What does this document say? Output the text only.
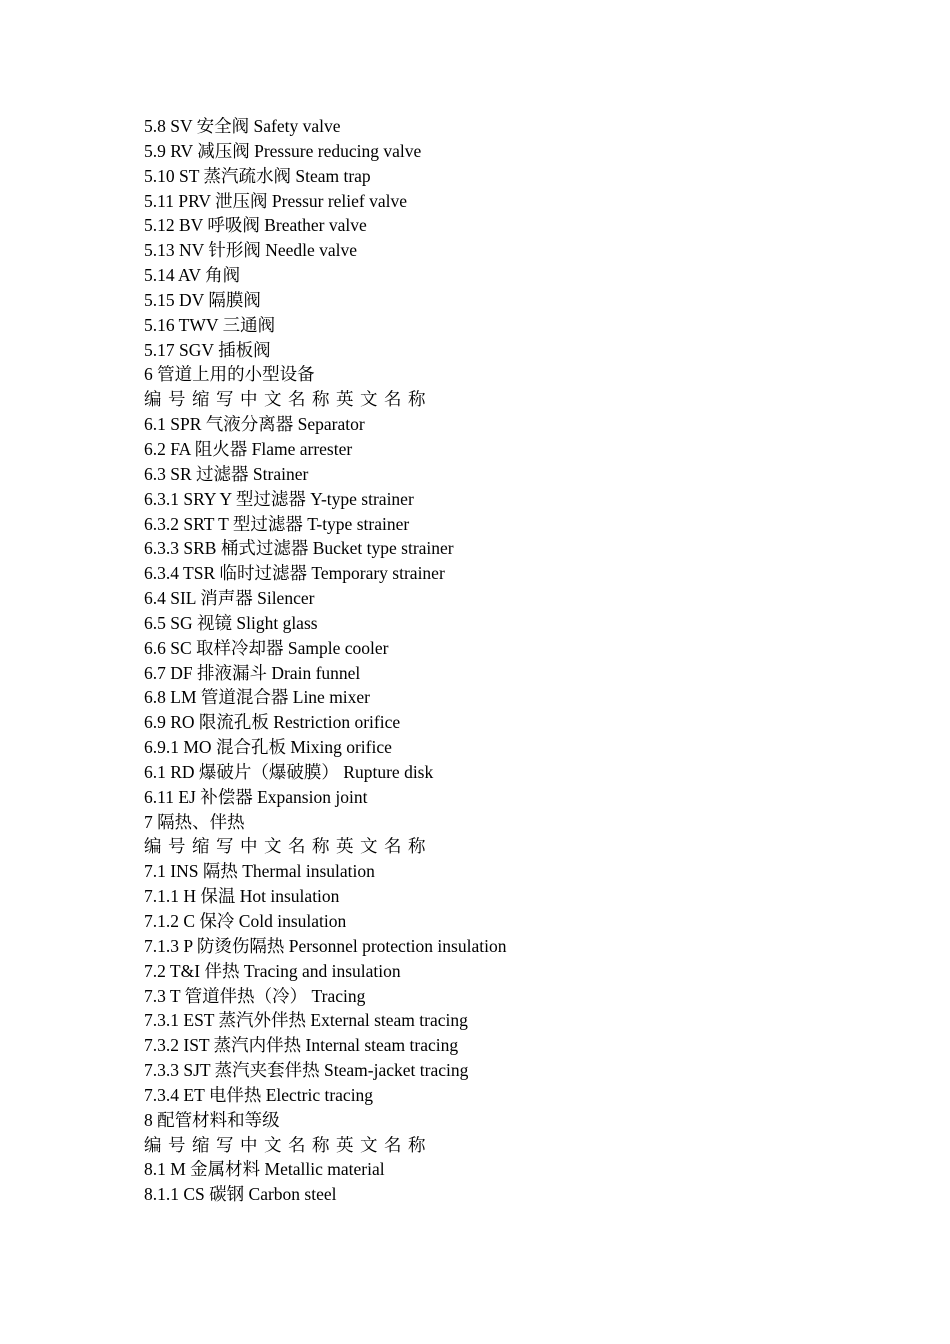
5.8 SV 安全阀 Safety valve
5.9 RV 减压阀 Pressure reducing valve
5.10 ST 蒸汽疏水阀 Steam trap
5.11 PRV 泄压阀 Pressur relief valve
5.12 BV 呼吸阀 Breather valve
5.13 NV 针形阀 Needle valve
5.14 AV 角阀
5.15 DV 隔膜阀
5.16 TWV 三通阀
5.17 SGV 插板阀
6 管道上用的小型设备
编号缩写中文名称英文名称
6.1 SPR 气液分离器 Separator
6.2 FA 阻火器 Flame arrester
6.3 SR 过滤器 Strainer
6.3.1 SRY Y 型过滤器 Y-type strainer
6.3.2 SRT T 型过滤器 T-type strainer
6.3.3 SRB 桶式过滤器 Bucket type strainer
6.3.4 TSR 临时过滤器 Temporary strainer
6.4 SIL 消声器 Silencer
6.5 SG 视镜 Slight glass
6.6 SC 取样冷却器 Sample cooler
6.7 DF 排液漏斗 Drain funnel
6.8 LM 管道混合器 Line mixer
6.9 RO 限流孔板 Restriction orifice
6.9.1 MO 混合孔板 Mixing orifice
6.1 RD 爆破片（爆破膜） Rupture disk
6.11 EJ 补偿器 Expansion joint
7 隔热、伴热
编号缩写中文名称英文名称
7.1 INS 隔热 Thermal insulation
7.1.1 H 保温 Hot insulation
7.1.2 C 保冷 Cold insulation
7.1.3 P 防烫伤隔热 Personnel protection insulation
7.2 T&I 伴热 Tracing and insulation
7.3 T 管道伴热（冷） Tracing
7.3.1 EST 蒸汽外伴热 External steam tracing
7.3.2 IST 蒸汽内伴热 Internal steam tracing
7.3.3 SJT 蒸汽夹套伴热 Steam-jacket tracing
7.3.4 ET 电伴热 Electric tracing
8 配管材料和等级
编号缩写中文名称英文名称
8.1 M 金属材料 Metallic material
8.1.1 CS 碳钢 Carbon steel
